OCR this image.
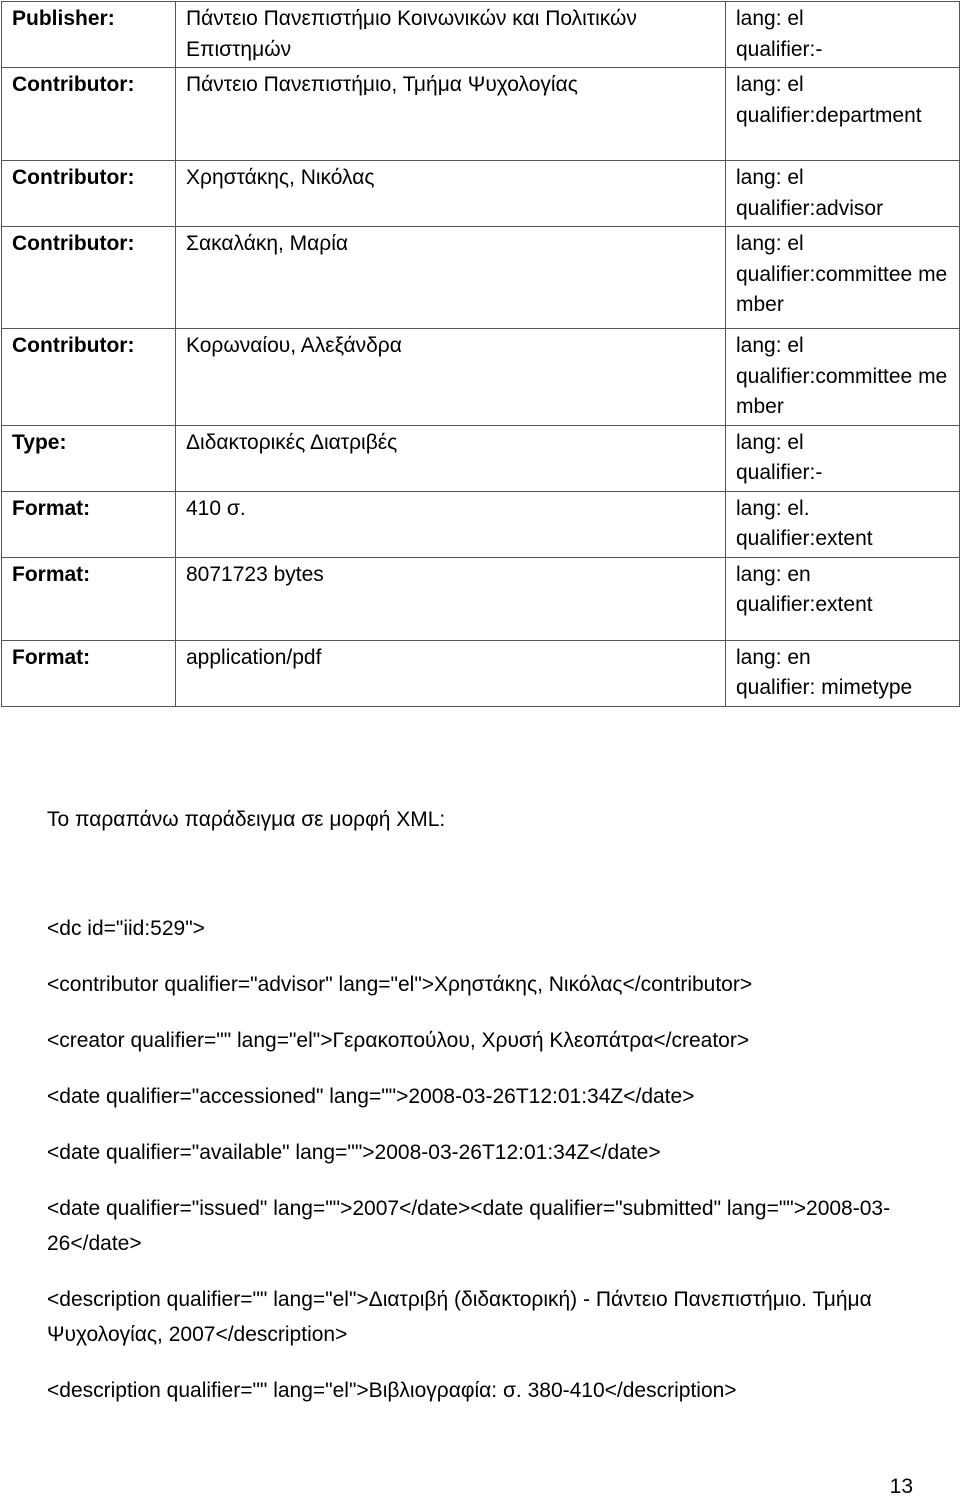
Publisher:	Πάντειο Πανεπιστήμιο Κοινωνικών και Πολιτικών Επιστημών	lang: el
qualifier:-

Contributor:	Πάντειο Πανεπιστήμιο, Τμήμα Ψυχολογίας	lang: el
qualifier:department

Contributor:	Χρηστάκης, Νικόλας	lang: el
qualifier:advisor

Contributor:	Σακαλάκη, Μαρία	lang: el
qualifier:committee member

Contributor:	Κορωναίου, Αλεξάνδρα	lang: el
qualifier:committee member

Type:	Διδακτορικές Διατριβές	lang: el
qualifier:-

Format:	410 σ.	lang: el.
qualifier:extent

Format:	8071723 bytes	lang: en
qualifier:extent

Format:	application/pdf	lang: en
qualifier: mimetype

Το παραπάνω παράδειγμα σε μορφή XML:

<dc id="iid:529">

<contributor qualifier="advisor" lang="el">Χρηστάκης, Νικόλας</contributor>

<creator qualifier="" lang="el">Γερακοπούλου, Χρυσή Κλεοπάτρα</creator>

<date qualifier="accessioned" lang="">2008-03-26T12:01:34Z</date>

<date qualifier="available" lang="">2008-03-26T12:01:34Z</date>

<date qualifier="issued" lang="">2007</date><date qualifier="submitted" lang="">2008-03-26</date>

<description qualifier="" lang="el">Διατριβή (διδακτορική) - Πάντειο Πανεπιστήμιο. Τμήμα Ψυχολογίας, 2007</description>

<description qualifier="" lang="el">Βιβλιογραφία: σ. 380-410</description>

13
